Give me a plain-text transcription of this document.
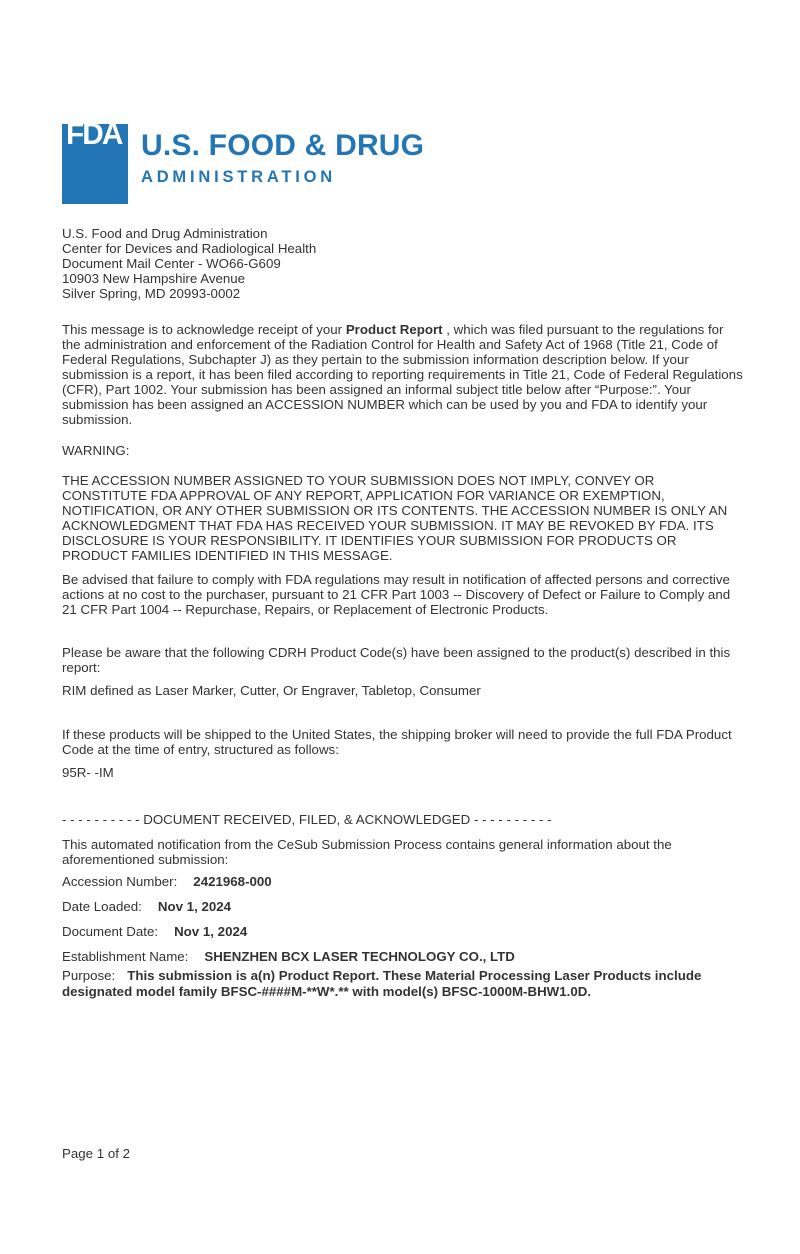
FDA U.S. FOOD & DRUG
ADMINISTRATION
U.S. Food and Drug Administration
Center for Devices and Radiological Health
Document Mail Center - WO66-G609
10903 New Hampshire Avenue
Silver Spring, MD 20993-0002

This message is to acknowledge receipt of your Product Report , which was filed pursuant to the regulations for the administration and enforcement of the Radiation Control for Health and Safety Act of 1968 (Title 21, Code of Federal Regulations, Subchapter J) as they pertain to the submission information description below. If your submission is a report, it has been filed according to reporting requirements in Title 21, Code of Federal Regulations (CFR), Part 1002. Your submission has been assigned an informal subject title below after “Purpose:”. Your submission has been assigned an ACCESSION NUMBER which can be used by you and FDA to identify your submission.

WARNING:

THE ACCESSION NUMBER ASSIGNED TO YOUR SUBMISSION DOES NOT IMPLY, CONVEY OR CONSTITUTE FDA APPROVAL OF ANY REPORT, APPLICATION FOR VARIANCE OR EXEMPTION, NOTIFICATION, OR ANY OTHER SUBMISSION OR ITS CONTENTS. THE ACCESSION NUMBER IS ONLY AN ACKNOWLEDGMENT THAT FDA HAS RECEIVED YOUR SUBMISSION. IT MAY BE REVOKED BY FDA. ITS DISCLOSURE IS YOUR RESPONSIBILITY. IT IDENTIFIES YOUR SUBMISSION FOR PRODUCTS OR PRODUCT FAMILIES IDENTIFIED IN THIS MESSAGE.

Be advised that failure to comply with FDA regulations may result in notification of affected persons and corrective actions at no cost to the purchaser, pursuant to 21 CFR Part 1003 -- Discovery of Defect or Failure to Comply and 21 CFR Part 1004 -- Repurchase, Repairs, or Replacement of Electronic Products.

Please be aware that the following CDRH Product Code(s) have been assigned to the product(s) described in this report:

RIM defined as Laser Marker, Cutter, Or Engraver, Tabletop, Consumer

If these products will be shipped to the United States, the shipping broker will need to provide the full FDA Product Code at the time of entry, structured as follows:

95R- -IM

- - - - - - - - - - DOCUMENT RECEIVED, FILED, & ACKNOWLEDGED - - - - - - - - - -

This automated notification from the CeSub Submission Process contains general information about the aforementioned submission:

Accession Number: 2421968-000
Date Loaded: Nov 1, 2024
Document Date: Nov 1, 2024
Establishment Name: SHENZHEN BCX LASER TECHNOLOGY CO., LTD

Purpose: This submission is a(n) Product Report. These Material Processing Laser Products include designated model family BFSC-####M-**W*.** with model(s) BFSC-1000M-BHW1.0D.

Page 1 of 2
